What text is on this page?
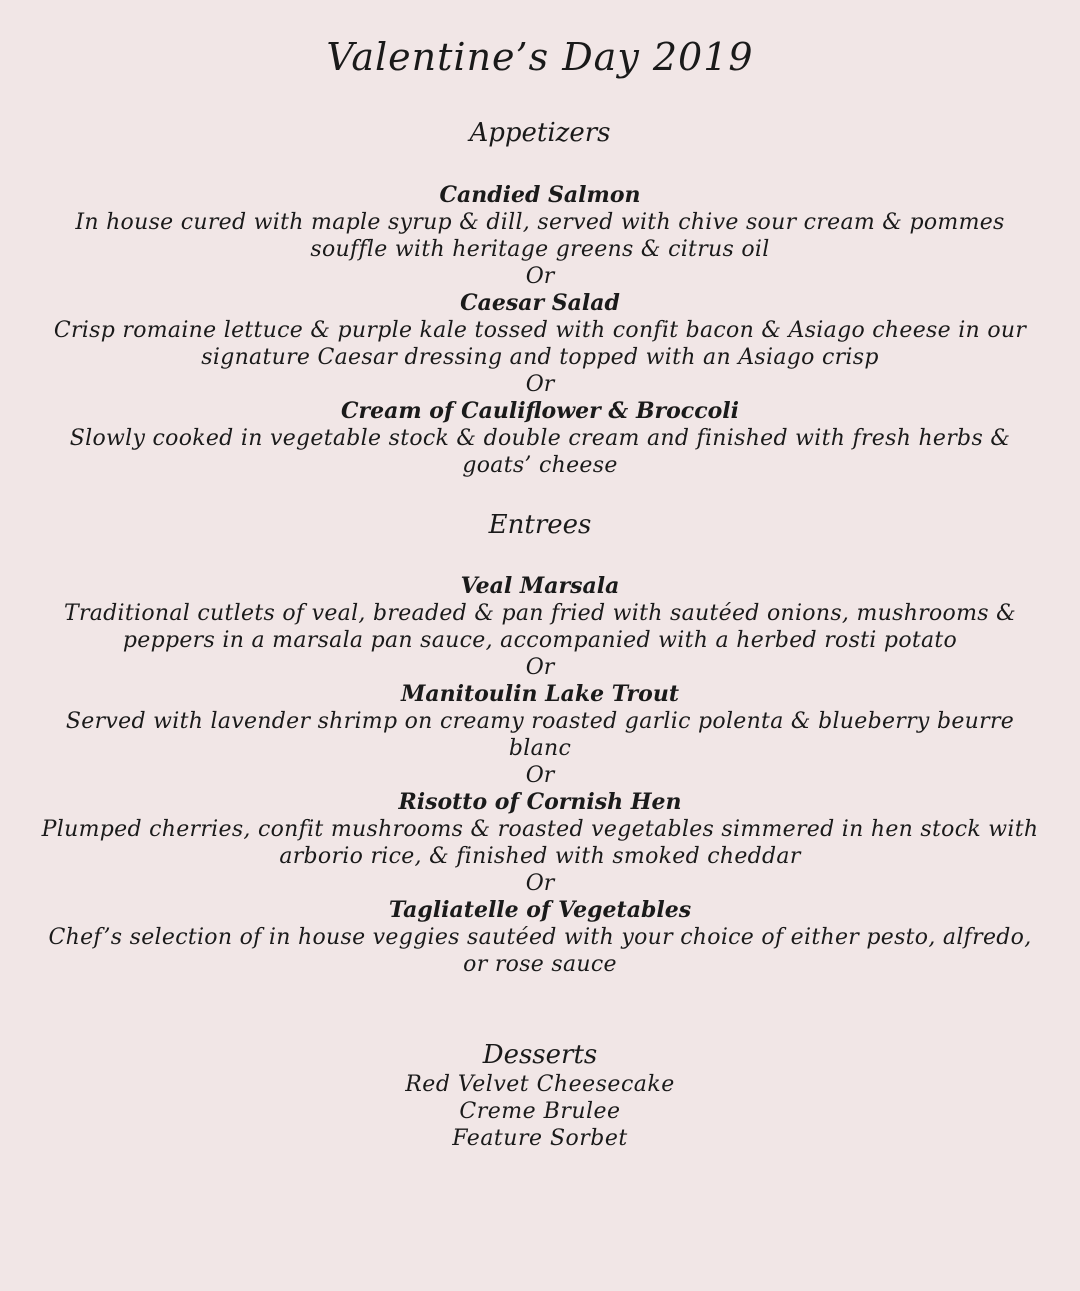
Valentine’s Day 2019
Appetizers
Candied Salmon
In house cured with maple syrup & dill, served with chive sour cream & pommes souffle with heritage greens & citrus oil
Or
Caesar Salad
Crisp romaine lettuce & purple kale tossed with confit bacon & Asiago cheese in our signature Caesar dressing and topped with an Asiago crisp
Or
Cream of Cauliflower & Broccoli
Slowly cooked in vegetable stock & double cream and finished with fresh herbs & goats’ cheese
Entrees
Veal Marsala
Traditional cutlets of veal, breaded & pan fried with sautéed onions, mushrooms & peppers in a marsala pan sauce, accompanied with a herbed rosti potato
Or
Manitoulin Lake Trout
Served with lavender shrimp on creamy roasted garlic polenta & blueberry beurre blanc
Or
Risotto of Cornish Hen
Plumped cherries, confit mushrooms & roasted vegetables simmered in hen stock with arborio rice, & finished with smoked cheddar
Or
Tagliatelle of Vegetables
Chef’s selection of in house veggies sautéed with your choice of either pesto, alfredo, or rose sauce
Desserts
Red Velvet Cheesecake
Creme Brulee
Feature Sorbet
